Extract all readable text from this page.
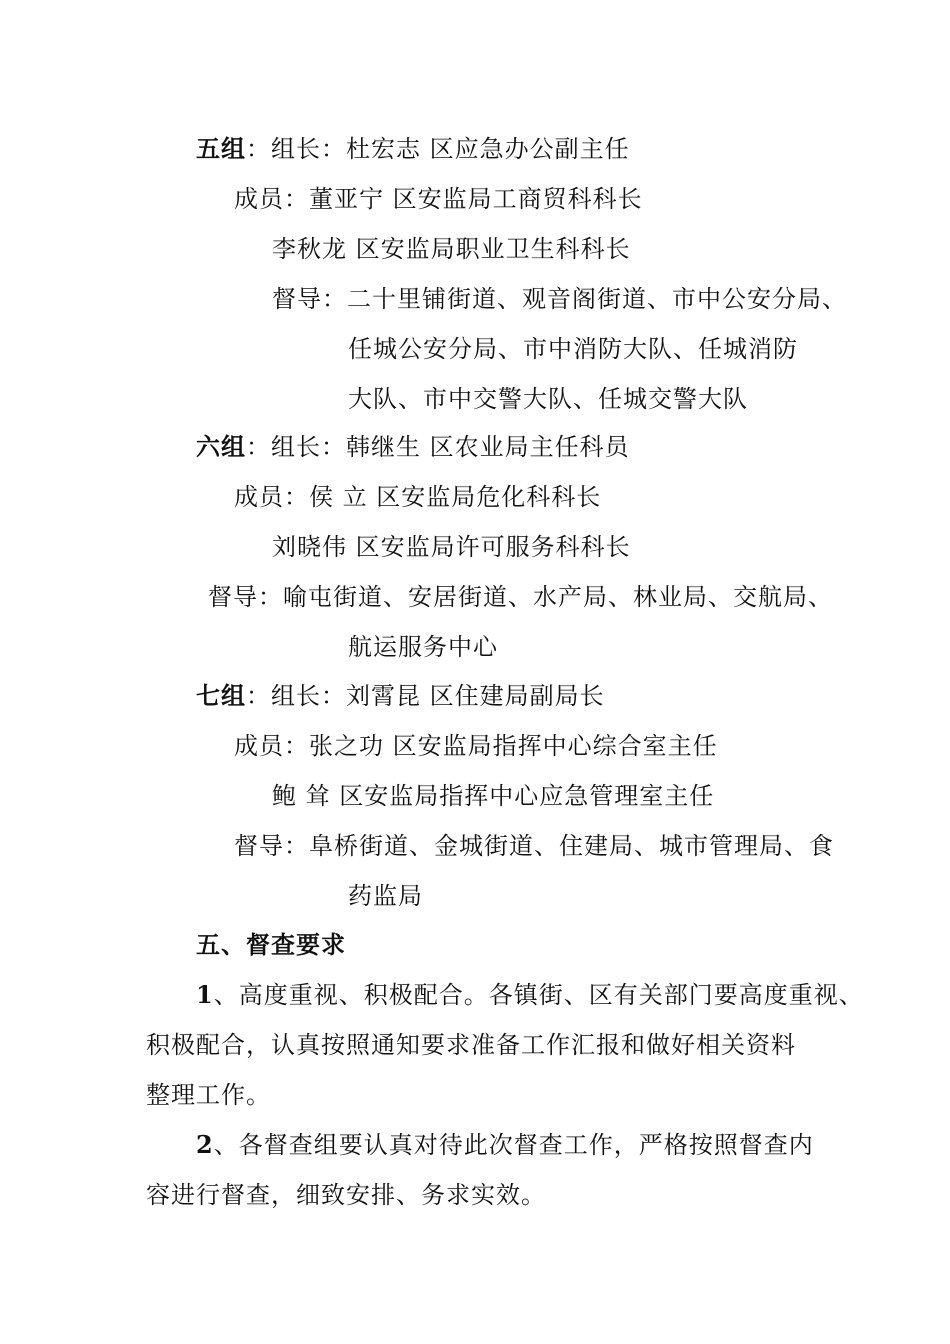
五组：组长：杜宏志 区应急办公副主任
成员：董亚宁 区安监局工商贸科科长
李秋龙 区安监局职业卫生科科长
督导：二十里铺街道、观音阁街道、市中公安分局、
任城公安分局、市中消防大队、任城消防
大队、市中交警大队、任城交警大队
六组：组长：韩继生 区农业局主任科员
成员：侯 立 区安监局危化科科长
刘晓伟 区安监局许可服务科科长
督导：喻屯街道、安居街道、水产局、林业局、交航局、
航运服务中心
七组：组长：刘霄昆 区住建局副局长
成员：张之功 区安监局指挥中心综合室主任
鲍 耸 区安监局指挥中心应急管理室主任
督导：阜桥街道、金城街道、住建局、城市管理局、食
药监局
五、督查要求
1、高度重视、积极配合。各镇街、区有关部门要高度重视、
积极配合，认真按照通知要求准备工作汇报和做好相关资料
整理工作。
2、各督查组要认真对待此次督查工作，严格按照督查内
容进行督查，细致安排、务求实效。
